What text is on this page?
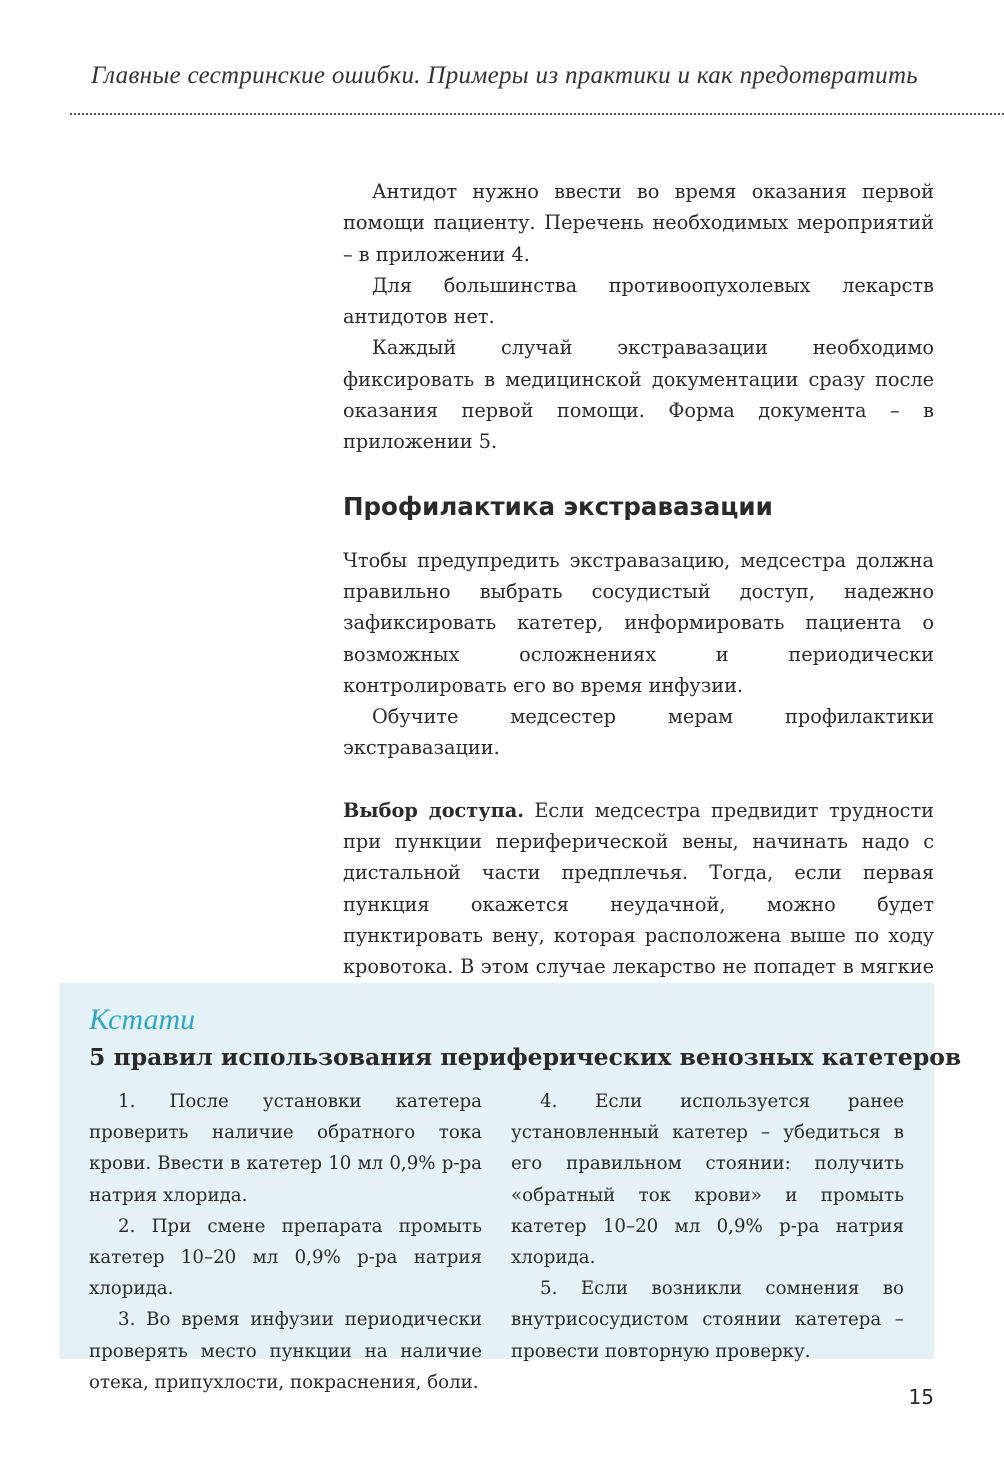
Главные сестринские ошибки. Примеры из практики и как предотвратить

Антидот нужно ввести во время оказания первой помощи пациенту. Перечень необходимых мероприятий – в приложении 4.

Для большинства противоопухолевых лекарств антидотов нет.

Каждый случай экстравазации необходимо фиксировать в медицинской документации сразу после оказания первой помощи. Форма документа – в приложении 5.

Профилактика экстравазации

Чтобы предупредить экстравазацию, медсестра должна правильно выбрать сосудистый доступ, надежно зафиксировать катетер, информировать пациента о возможных осложнениях и периодически контролировать его во время инфузии.

Обучите медсестер мерам профилактики экстравазации.

Выбор доступа. Если медсестра предвидит трудности при пункции периферической вены, начинать надо с дистальной части предплечья. Тогда, если первая пункция окажется неудачной, можно будет пунктировать вену, которая расположена выше по ходу кровотока. В этом случае лекарство не попадет в мягкие

Кстати
5 правил использования периферических венозных катетеров

1. После установки катетера проверить наличие обратного тока крови. Ввести в катетер 10 мл 0,9% р-ра натрия хлорида.

2. При смене препарата промыть катетер 10–20 мл 0,9% р-ра натрия хлорида.

3. Во время инфузии периодически проверять место пункции на наличие отека, припухлости, покраснения, боли.

4. Если используется ранее установленный катетер – убедиться в его правильном стоянии: получить «обратный ток крови» и промыть катетер 10–20 мл 0,9% р-ра натрия хлорида.

5. Если возникли сомнения во внутрисосудистом стоянии катетера – провести повторную проверку.

15
